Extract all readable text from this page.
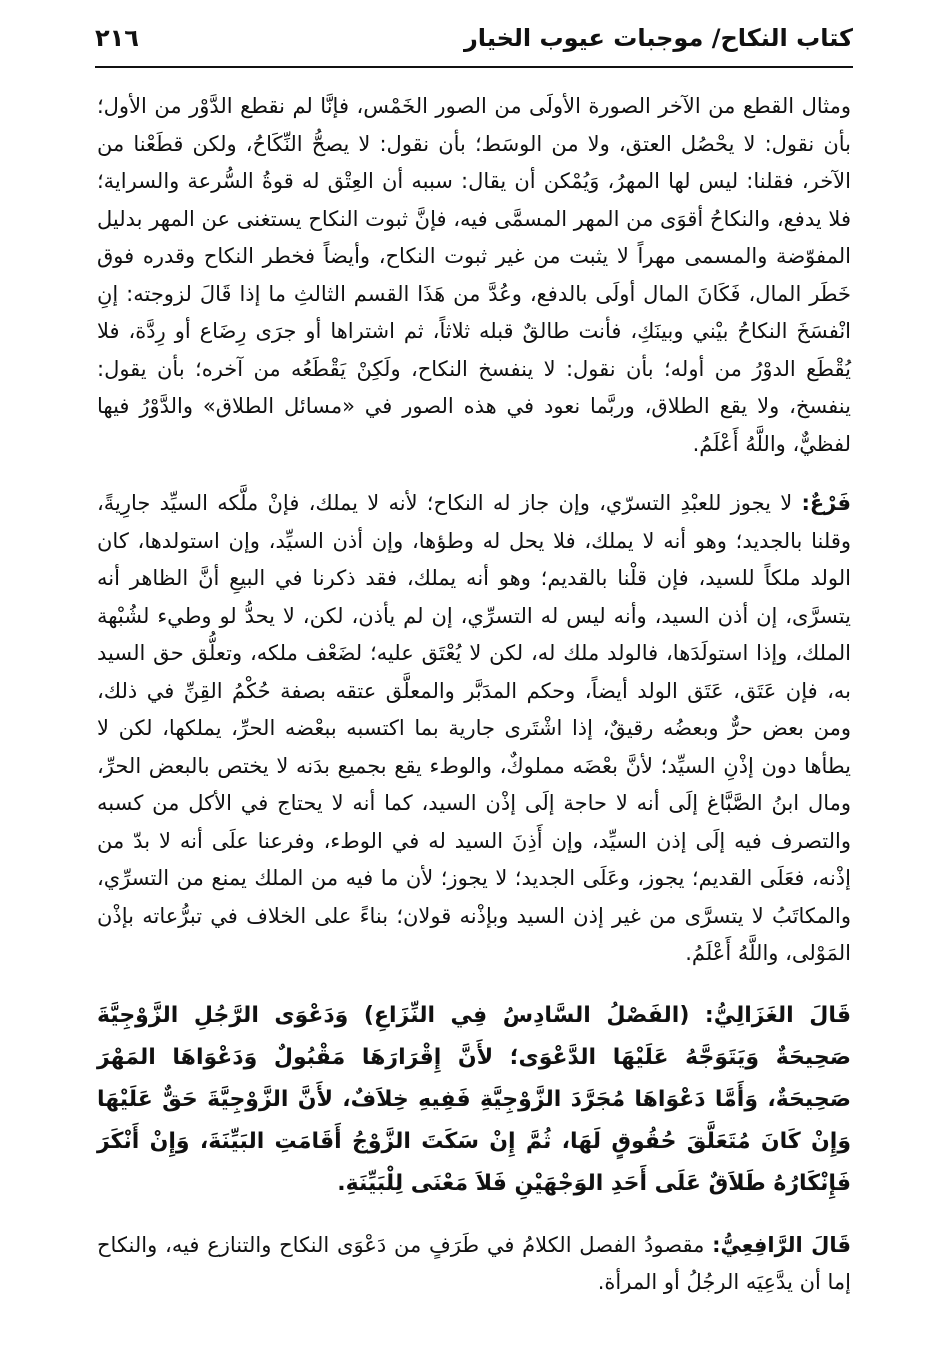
كتاب النكاح/ موجبات عيوب الخيار
٢١٦

ومثال القطع من الآخر الصورة الأولَى من الصور الخَمْس، فإنَّا لم نقطع الدَّوْر من الأول؛ بأن نقول: لا يحْصُل العتق، ولا من الوسَط؛ بأن نقول: لا يصحُّ النِّكَاحُ، ولكن قطَعْنا من الآخر، فقلنا: ليس لها المهرُ، وَيُمْكن أن يقال: سببه أن العِتْق له قوةُ السُّرعة والسراية؛ فلا يدفع، والنكاحُ أقوَى من المهر المسمَّى فيه، فإنَّ ثبوت النكاح يستغنى عن المهر بدليل المفوّضة والمسمى مهراً لا يثبت من غير ثبوت النكاح، وأيضاً فخطر النكاح وقدره فوق خَطَر المال، فَكَانَ المال أولَى بالدفع، وعُدَّ من هَذَا القسم الثالثِ ما إذا قَالَ لزوجته: إنِ انْفسَخَ النكاحُ بيْني وبينَكِ، فأنت طالقٌ قبله ثلاثاً، ثم اشتراها أو جرَى رِضَاع أو رِدَّة، فلا يُقْطَع الدوْرُ من أوله؛ بأن نقول: لا ينفسخ النكاح، ولَكِنْ يَقْطَعُه من آخره؛ بأن يقول: ينفسخ، ولا يقع الطلاق، وربَّما نعود في هذه الصور في «مسائل الطلاق» والدَّوْرُ فيها لفظيٌّ، واللَّهُ أَعْلَمُ.

فَرْعٌ: لا يجوز للعبْدِ التسرّي، وإن جاز له النكاح؛ لأنه لا يملك، فإنْ ملَّكه السيِّد جارِيةً، وقلنا بالجديد؛ وهو أنه لا يملك، فلا يحل له وطؤها، وإن أذن السيِّد، وإن استولدها، كان الولد ملكاً للسيد، فإن قلْنا بالقديم؛ وهو أنه يملك، فقد ذكرنا في البيعِ أنَّ الظاهر أنه يتسرَّى، إن أذن السيد، وأنه ليس له التسرِّي، إن لم يأذن، لكن، لا يحدُّ لو وطيء لشُبْهة الملك، وإذا استولَدَها، فالولد ملك له، لكن لا يُعْتَق عليه؛ لضَعْف ملكه، وتعلُّق حق السيد به، فإن عَتَق، عَتَق الولد أيضاً، وحكم المدَبَّر والمعلَّق عتقه بصفة حُكْمُ القِنِّ في ذلك، ومن بعض حرٌّ وبعضُه رقيقٌ، إذا اشْتَرى جارية بما اكتسبه ببعْضه الحرِّ، يملكها، لكن لا يطأها دون إذْنِ السيِّد؛ لأنَّ بعْضَه مملوكٌ، والوطء يقع بجميع بدَنه لا يختص بالبعض الحرِّ، ومال ابنُ الصَّبَّاغ إلَى أنه لا حاجة إلَى إذْن السيد، كما أنه لا يحتاج في الأكل من كسبه والتصرف فيه إلَى إذن السيِّد، وإن أَذِنَ السيد له في الوطء، وفرعنا علَى أنه لا بدّ من إذْنه، فعَلَى القديم؛ يجوز، وعَلَى الجديد؛ لا يجوز؛ لأن ما فيه من الملك يمنع من التسرِّي، والمكاتَبُ لا يتسرَّى من غير إذن السيد وبإذْنه قولان؛ بناءً على الخلاف في تبرُّعاته بإذْن المَوْلى، واللَّهُ أَعْلَمُ.

قَالَ الغَزَالِيُّ: (الفَصْلُ السَّادِسُ فِي النِّزَاعِ) وَدَعْوَى الرَّجُلِ الزَّوْجِيَّةَ صَحِيحَةٌ وَيَتَوَجَّهُ عَلَيْهَا الدَّعْوَى؛ لأَنَّ إِقْرَارَهَا مَقْبُولٌ وَدَعْوَاهَا المَهْرَ صَحِيحَةٌ، وَأَمَّا دَعْوَاهَا مُجَرَّدَ الزَّوْجِيَّةِ فَفِيهِ خِلاَفٌ، لأَنَّ الزَّوْجِيَّةَ حَقٌّ عَلَيْهَا وَإِنْ كَانَ مُتَعَلَّقَ حُقُوقٍ لَهَا، ثُمَّ إِنْ سَكَتَ الزَّوْجُ أَقَامَتِ البَيِّنَةَ، وَإِنْ أَنْكَرَ فَإِنْكَارُهُ طَلاَقٌ عَلَى أَحَدِ الوَجْهَيْنِ فَلاَ مَعْنَى لِلْبَيِّنَةِ.

قَالَ الرَّافِعِيُّ: مقصودُ الفصل الكلامُ في طَرَفٍ من دَعْوَى النكاح والتنازع فيه، والنكاح إما أن يدَّعِيَه الرجُلُ أو المرأة.
